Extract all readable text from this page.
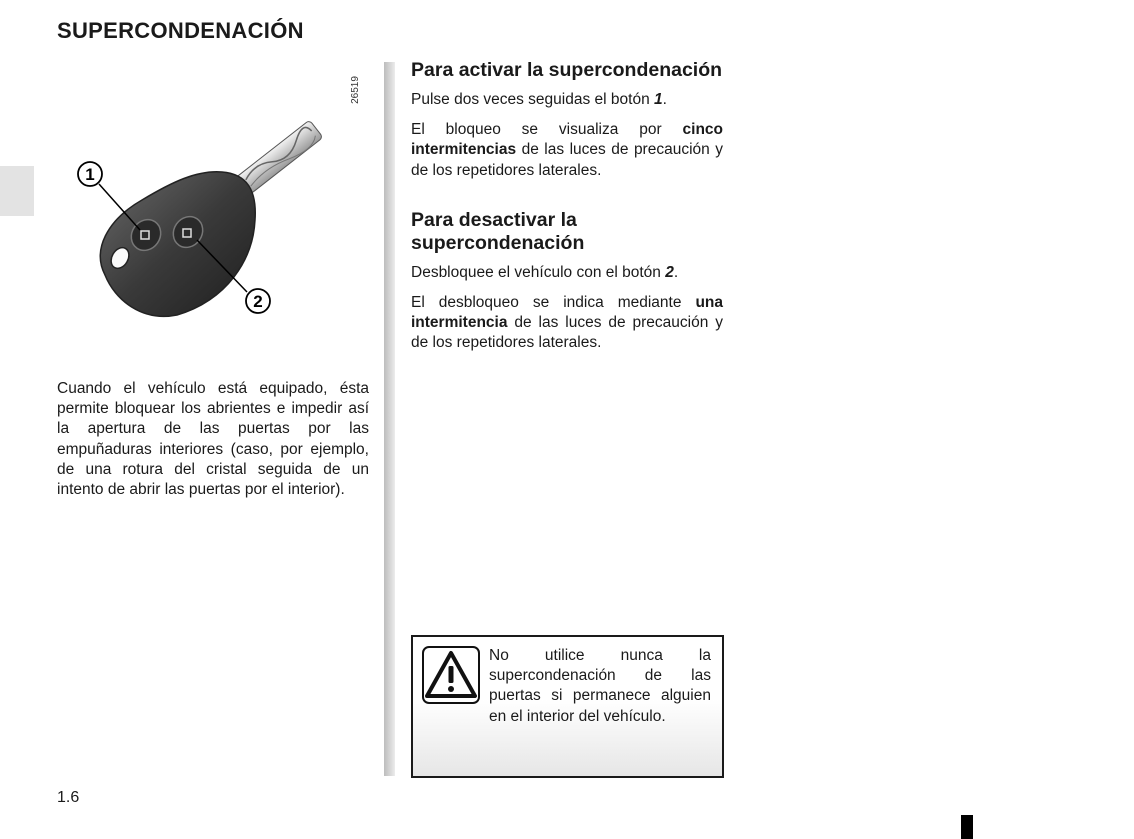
SUPERCONDENACIÓN
1
2
26519
Cuando el vehículo está equipado, ésta permite bloquear los abrientes e impedir así la apertura de las puertas por las empuñaduras interiores (caso, por ejemplo, de una rotura del cristal seguida de un intento de abrir las puertas por el interior).
Para activar la supercondenación

Pulse dos veces seguidas el botón 1.

El bloqueo se visualiza por cinco intermitencias de las luces de precaución y de los repetidores laterales.

Para desactivar la supercondenación

Desbloquee el vehículo con el botón 2.

El desbloqueo se indica mediante una intermitencia de las luces de precaución y de los repetidores laterales.

No utilice nunca la supercondenación de las puertas si permanece alguien en el interior del vehículo.
1.6
